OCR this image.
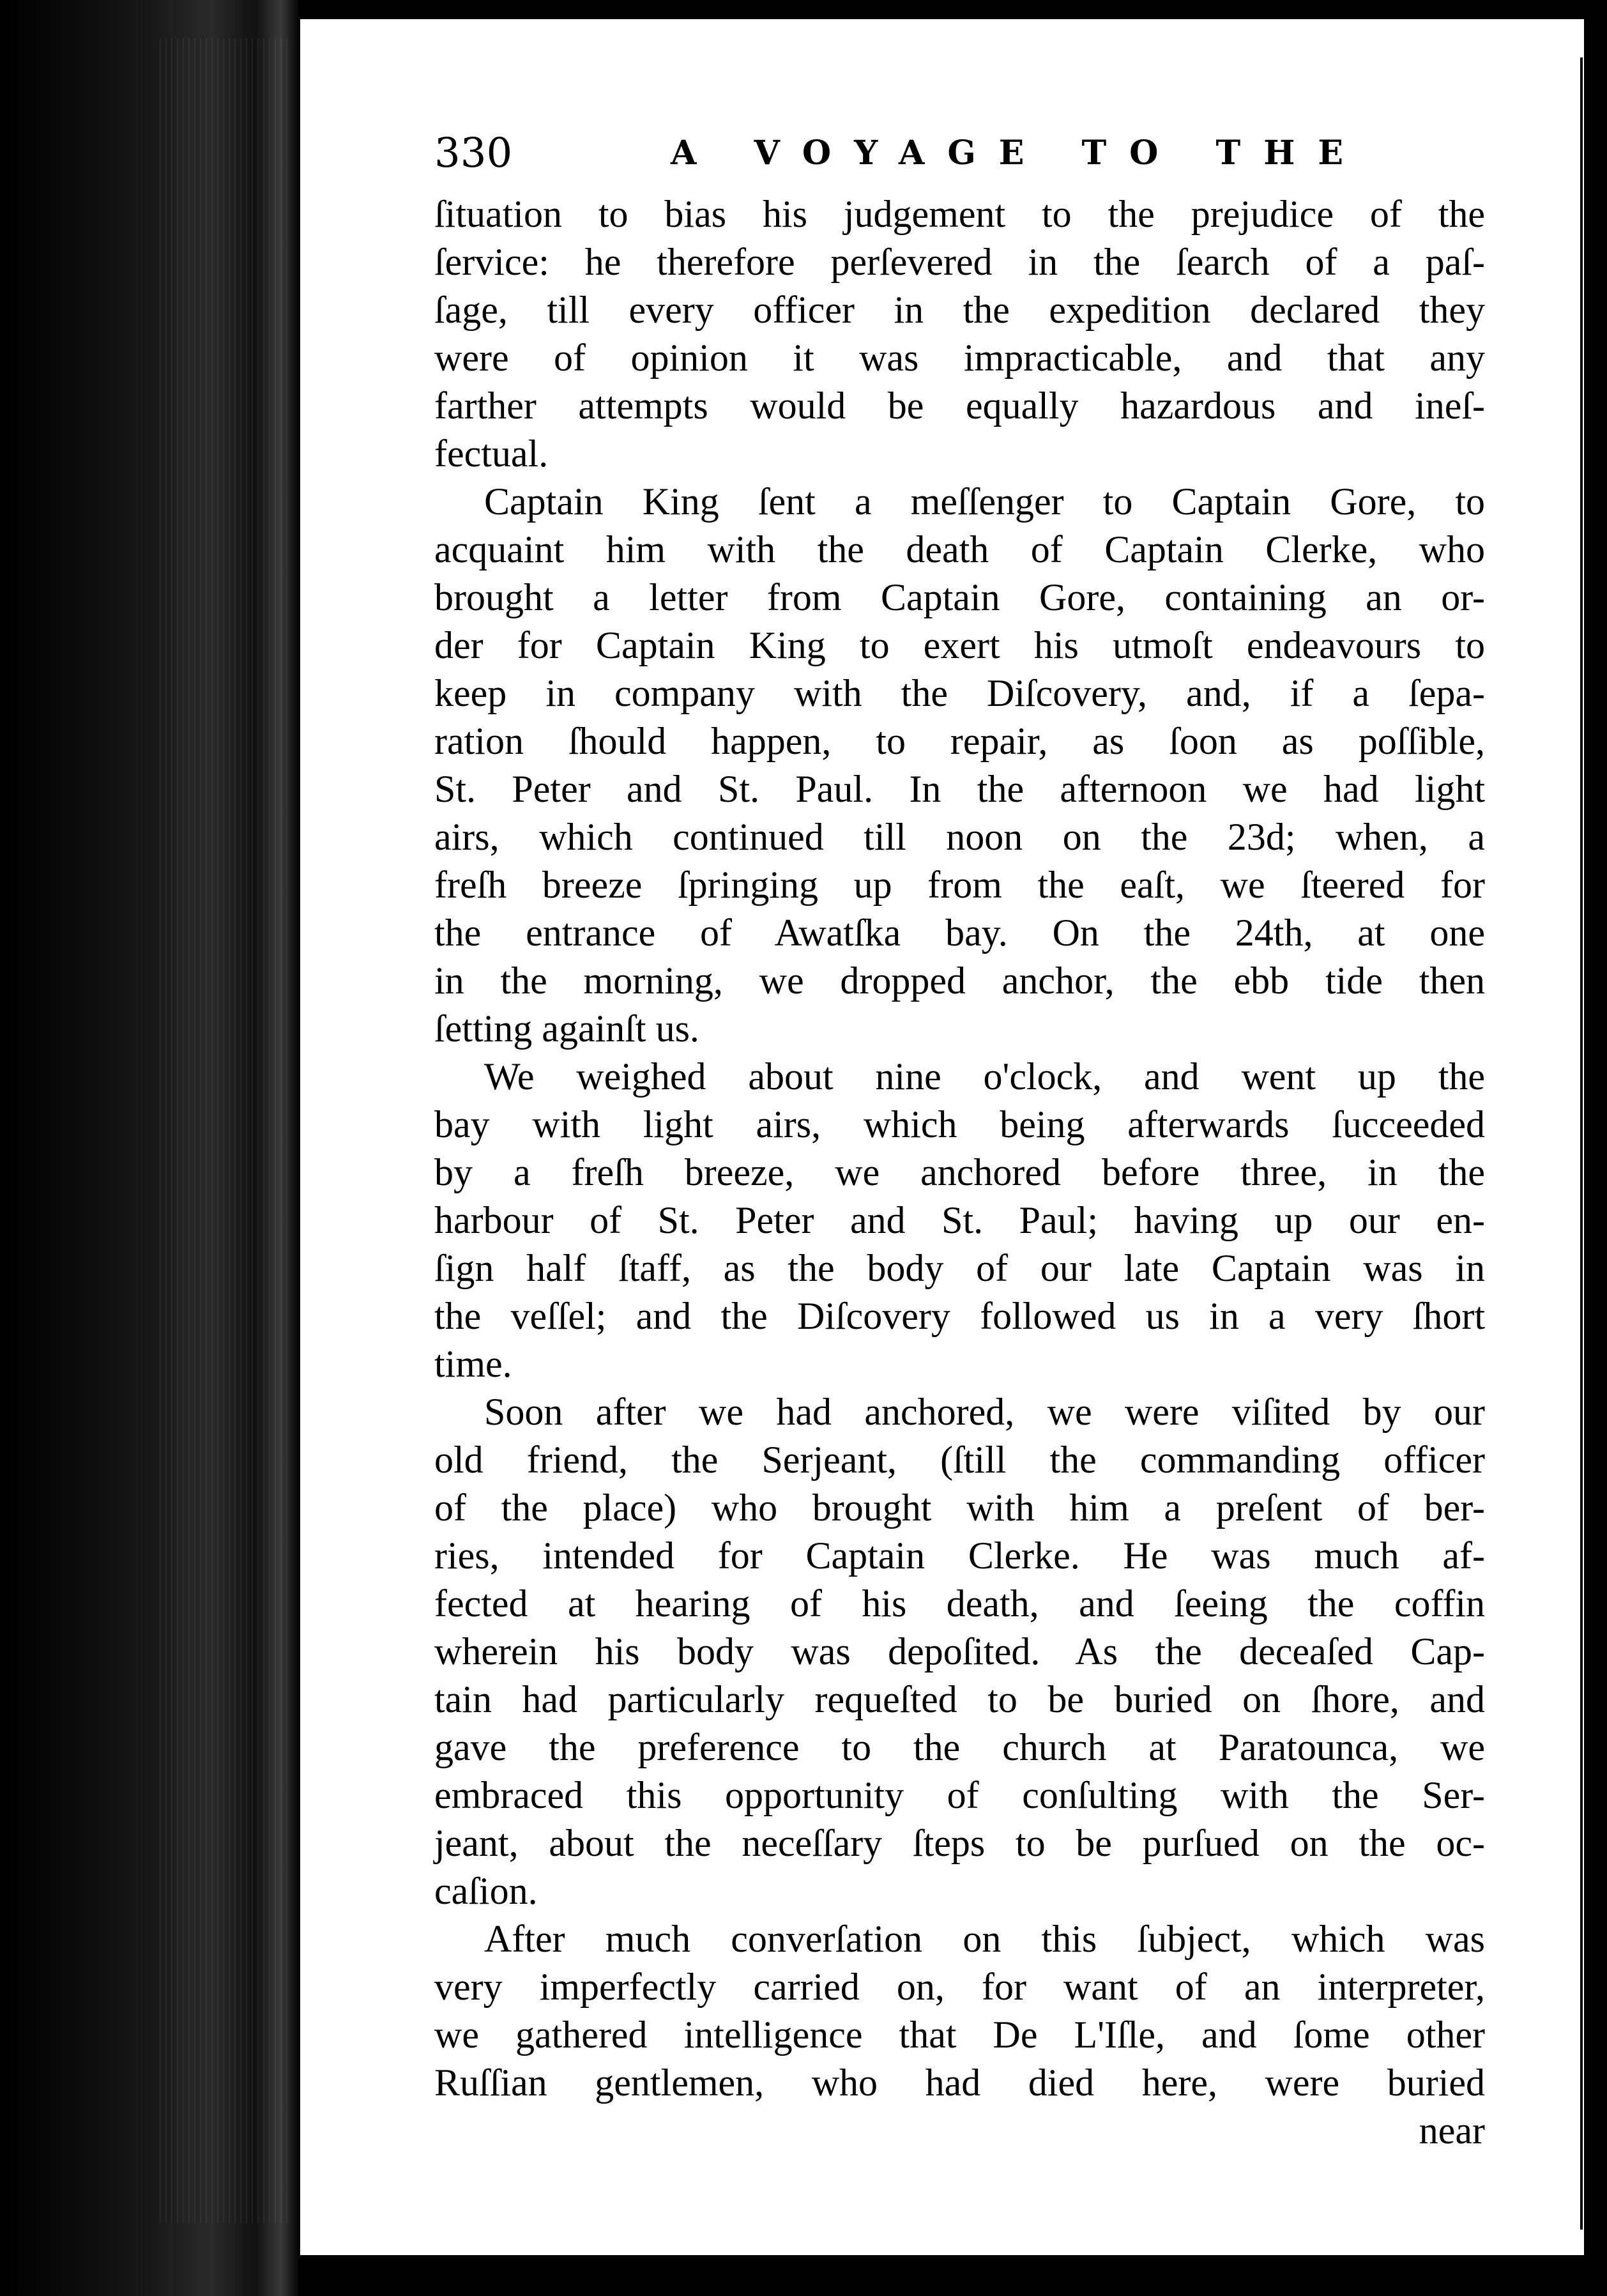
330	A VOYAGE TO THE
ſituation to bias his judgement to the prejudice of the
ſervice: he therefore perſevered in the ſearch of a paſ-
ſage, till every officer in the expedition declared they
were of opinion it was impracticable, and that any
farther attempts would be equally hazardous and ineſ-
fectual.
Captain King ſent a meſſenger to Captain Gore, to
acquaint him with the death of Captain Clerke, who
brought a letter from Captain Gore, containing an or-
der for Captain King to exert his utmoſt endeavours to
keep in company with the Diſcovery, and, if a ſepa-
ration ſhould happen, to repair, as ſoon as poſſible,
St. Peter and St. Paul. In the afternoon we had light
airs, which continued till noon on the 23d; when, a
freſh breeze ſpringing up from the eaſt, we ſteered for
the entrance of Awatſka bay. On the 24th, at one
in the morning, we dropped anchor, the ebb tide then
ſetting againſt us.
We weighed about nine o'clock, and went up the
bay with light airs, which being afterwards ſucceeded
by a freſh breeze, we anchored before three, in the
harbour of St. Peter and St. Paul; having up our en-
ſign half ſtaff, as the body of our late Captain was in
the veſſel; and the Diſcovery followed us in a very ſhort
time.
Soon after we had anchored, we were viſited by our
old friend, the Serjeant, (ſtill the commanding officer
of the place) who brought with him a preſent of ber-
ries, intended for Captain Clerke. He was much af-
fected at hearing of his death, and ſeeing the coffin
wherein his body was depoſited. As the deceaſed Cap-
tain had particularly requeſted to be buried on ſhore, and
gave the preference to the church at Paratounca, we
embraced this opportunity of conſulting with the Ser-
jeant, about the neceſſary ſteps to be purſued on the oc-
caſion.
After much converſation on this ſubject, which was
very imperfectly carried on, for want of an interpreter,
we gathered intelligence that De L'Iſle, and ſome other
Ruſſian gentlemen, who had died here, were buried
near
